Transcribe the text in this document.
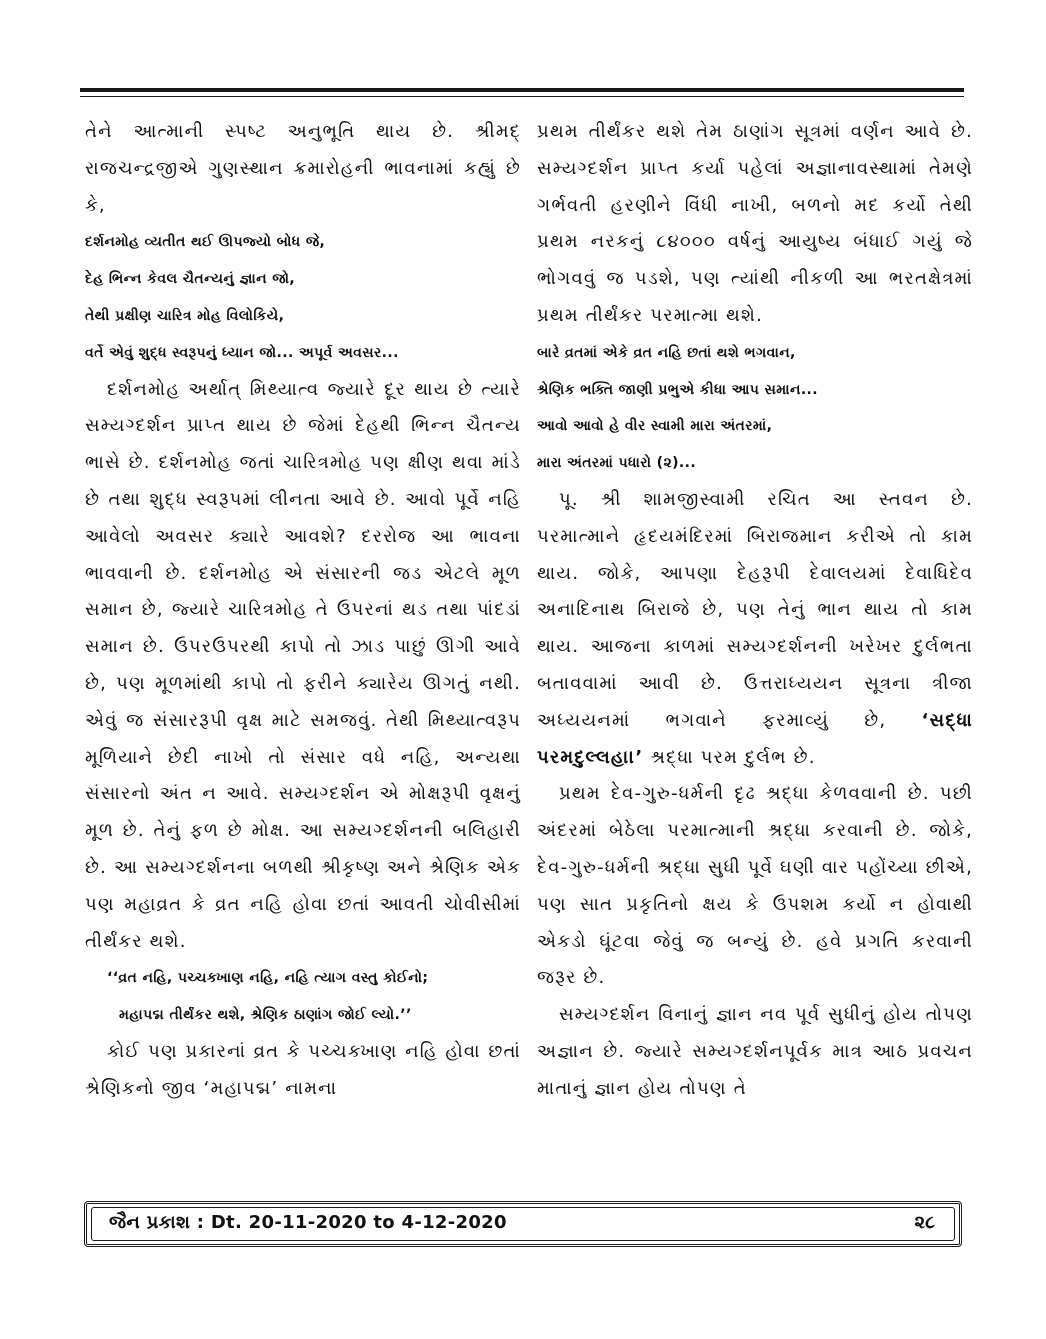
તેને આત્માની સ્પષ્ટ અનુભૂતિ થાય છે. શ્રીમદ્ રાજચન્દ્રજીએ ગુણસ્થાન ક્રમારોહની ભાવનામાં કહ્યું છે કે,

દર્શનમોહ વ્યતીત થઈ ઊપજ્યો બોધ જે,

દેહ ભિન્ન કેવલ ચૈતન્યનું જ્ઞાન જો,

તેથી પ્રક્ષીણ ચારિત્ર મોહ વિલોકિયે,

વર્તે એવું શુદ્ધ સ્વરૂપનું ધ્યાન જો... અપૂર્વ અવસર...

દર્શનમોહ અર્થાત્ મિથ્યાત્વ જ્યારે દૂર થાય છે ત્યારે સમ્યગ્દર્શન પ્રાપ્ત થાય છે જેમાં દેહથી ભિન્ન ચૈતન્ય ભાસે છે. દર્શનમોહ જતાં ચારિત્રમોહ પણ ક્ષીણ થવા માંડે છે તથા શુદ્ધ સ્વરૂપમાં લીનતા આવે છે. આવો પૂર્વે નહિ આવેલો અવસર ક્યારે આવશે? દરરોજ આ ભાવના ભાવવાની છે. દર્શનમોહ એ સંસારની જડ એટલે મૂળ સમાન છે, જ્યારે ચારિત્રમોહ તે ઉપરનાં થડ તથા પાંદડાં સમાન છે. ઉપરઉપરથી કાપો તો ઝાડ પાછું ઊગી આવે છે, પણ મૂળમાંથી કાપો તો ફરીને ક્યારેય ઊગતું નથી. એવું જ સંસારરૂપી વૃક્ષ માટે સમજવું. તેથી મિથ્યાત્વરૂપ મૂળિયાને છેદી નાખો તો સંસાર વધે નહિ, અન્યથા સંસારનો અંત ન આવે. સમ્યગ્દર્શન એ મોક્ષરૂપી વૃક્ષનું મૂળ છે. તેનું ફળ છે મોક્ષ. આ સમ્યગ્દર્શનની બલિહારી છે. આ સમ્યગ્દર્શનના બળથી શ્રીકૃષ્ણ અને શ્રેણિક એક પણ મહાવ્રત કે વ્રત નહિ હોવા છતાં આવતી ચોવીસીમાં તીર્થંકર થશે.

‘‘વ્રત નહિ, પચ્ચક્ખાણ નહિ, નહિ ત્યાગ વસ્તુ કોઈનો;

મહાપદ્મ તીર્થંકર થશે, શ્રેણિક ઠાણાંગ જોઈ લ્યો.’’

કોઈ પણ પ્રકારનાં વ્રત કે પચ્ચક્ખાણ નહિ હોવા છતાં શ્રેણિકનો જીવ ‘મહાપદ્મ’ નામના

પ્રથમ તીર્થંકર થશે તેમ ઠાણાંગ સૂત્રમાં વર્ણન આવે છે. સમ્યગ્દર્શન પ્રાપ્ત કર્યા પહેલાં અજ્ઞાનાવસ્થામાં તેમણે ગર્ભવતી હરણીને વિંધી નાખી, બળનો મદ કર્યો તેથી પ્રથમ નરકનું ૮૪૦૦૦ વર્ષનું આયુષ્ય બંધાઈ ગયું જે ભોગવવું જ પડશે, પણ ત્યાંથી નીકળી આ ભરતક્ષેત્રમાં પ્રથમ તીર્થંકર પરમાત્મા થશે.

બારે વ્રતમાં એકે વ્રત નહિ છતાં થશે ભગવાન,

શ્રેણિક ભક્તિ જાણી પ્રભુએ કીધા આપ સમાન...

આવો આવો હે વીર સ્વામી મારા અંતરમાં,

મારા અંતરમાં પધારો (૨)...

પૂ. શ્રી શામજીસ્વામી રચિત આ સ્તવન છે. પરમાત્માને હૃદયમંદિરમાં બિરાજમાન કરીએ તો કામ થાય. જોકે, આપણા દેહરૂપી દેવાલયમાં દેવાધિદેવ અનાદિનાથ બિરાજે છે, પણ તેનું ભાન થાય તો કામ થાય. આજના કાળમાં સમ્યગ્દર્શનની ખરેખર દુર્લભતા બતાવવામાં આવી છે. ઉત્તરાધ્યયન સૂત્રના ત્રીજા અધ્યયનમાં ભગવાને ફરમાવ્યું છે, ‘સદ્ધા પરમદુલ્લહા।’ શ્રદ્ધા પરમ દુર્લભ છે.

પ્રથમ દેવ-ગુરુ-ધર્મની દૃઢ શ્રદ્ધા કેળવવાની છે. પછી અંદરમાં બેઠેલા પરમાત્માની શ્રદ્ધા કરવાની છે. જોકે, દેવ-ગુરુ-ધર્મની શ્રદ્ધા સુધી પૂર્વે ઘણી વાર પહોંચ્યા છીએ, પણ સાત પ્રકૃતિનો ક્ષય કે ઉપશમ કર્યો ન હોવાથી એકડો ઘૂંટવા જેવું જ બન્યું છે. હવે પ્રગતિ કરવાની જરૂર છે.

સમ્યગ્દર્શન વિનાનું જ્ઞાન નવ પૂર્વ સુધીનું હોય તોપણ અજ્ઞાન છે. જ્યારે સમ્યગ્દર્શનપૂર્વક માત્ર આઠ પ્રવચન માતાનું જ્ઞાન હોય તોપણ તે

જૈન પ્રકાશ : Dt. 20-11-2020 to 4-12-2020	૨૮
